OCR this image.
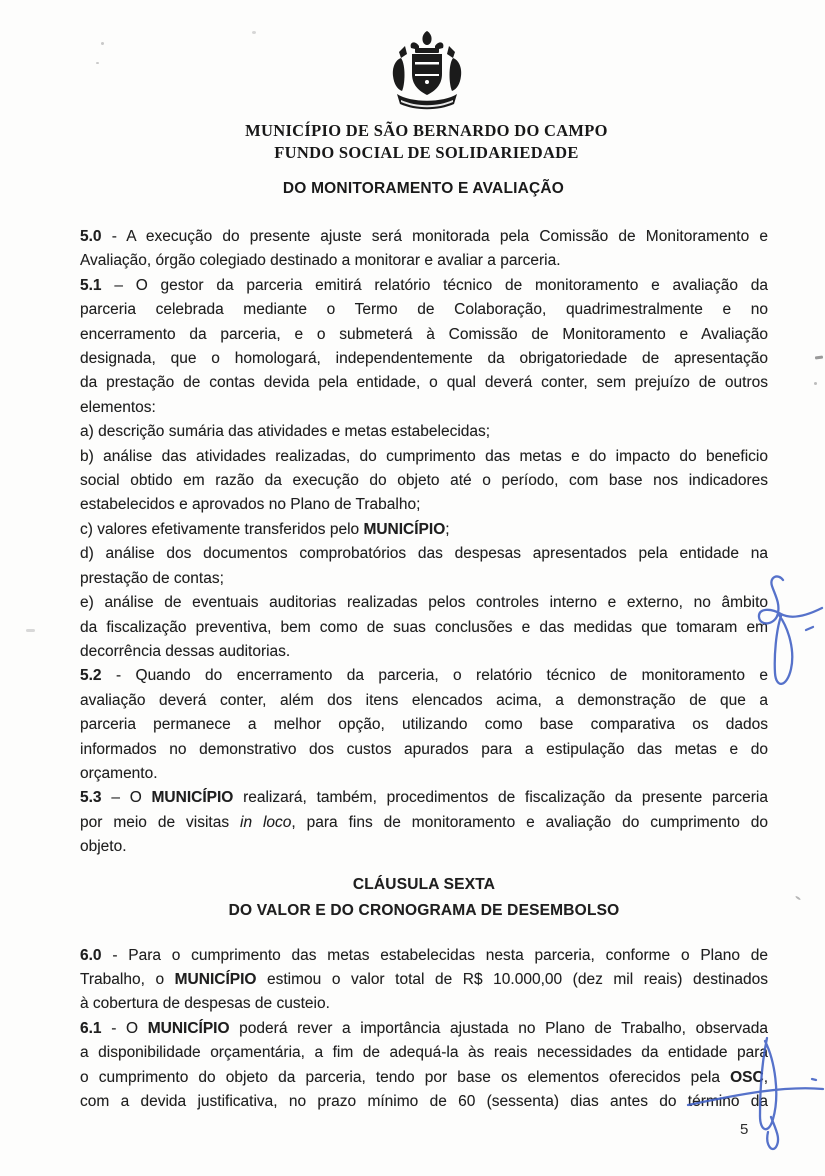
MUNICÍPIO DE SÃO BERNARDO DO CAMPO
FUNDO SOCIAL DE SOLIDARIEDADE
DO MONITORAMENTO E AVALIAÇÃO
5.0 - A execução do presente ajuste será monitorada pela Comissão de Monitoramento e
Avaliação, órgão colegiado destinado a monitorar e avaliar a parceria.
5.1 – O gestor da parceria emitirá relatório técnico de monitoramento e avaliação da
parceria celebrada mediante o Termo de Colaboração, quadrimestralmente e no
encerramento da parceria, e o submeterá à Comissão de Monitoramento e Avaliação
designada, que o homologará, independentemente da obrigatoriedade de apresentação
da prestação de contas devida pela entidade, o qual deverá conter, sem prejuízo de outros
elementos:
a) descrição sumária das atividades e metas estabelecidas;
b) análise das atividades realizadas, do cumprimento das metas e do impacto do beneficio
social obtido em razão da execução do objeto até o período, com base nos indicadores
estabelecidos e aprovados no Plano de Trabalho;
c) valores efetivamente transferidos pelo MUNICÍPIO;
d) análise dos documentos comprobatórios das despesas apresentados pela entidade na
prestação de contas;
e) análise de eventuais auditorias realizadas pelos controles interno e externo, no âmbito
da fiscalização preventiva, bem como de suas conclusões e das medidas que tomaram em
decorrência dessas auditorias.
5.2 - Quando do encerramento da parceria, o relatório técnico de monitoramento e
avaliação deverá conter, além dos itens elencados acima, a demonstração de que a
parceria permanece a melhor opção, utilizando como base comparativa os dados
informados no demonstrativo dos custos apurados para a estipulação das metas e do
orçamento.
5.3 – O MUNICÍPIO realizará, também, procedimentos de fiscalização da presente parceria
por meio de visitas in loco, para fins de monitoramento e avaliação do cumprimento do
objeto.
CLÁUSULA SEXTA
DO VALOR E DO CRONOGRAMA DE DESEMBOLSO
6.0 - Para o cumprimento das metas estabelecidas nesta parceria, conforme o Plano de
Trabalho, o MUNICÍPIO estimou o valor total de R$ 10.000,00 (dez mil reais) destinados
à cobertura de despesas de custeio.
6.1 - O MUNICÍPIO poderá rever a importância ajustada no Plano de Trabalho, observada
a disponibilidade orçamentária, a fim de adequá-la às reais necessidades da entidade para
o cumprimento do objeto da parceria, tendo por base os elementos oferecidos pela OSC,
com a devida justificativa, no prazo mínimo de 60 (sessenta) dias antes do término da
5
